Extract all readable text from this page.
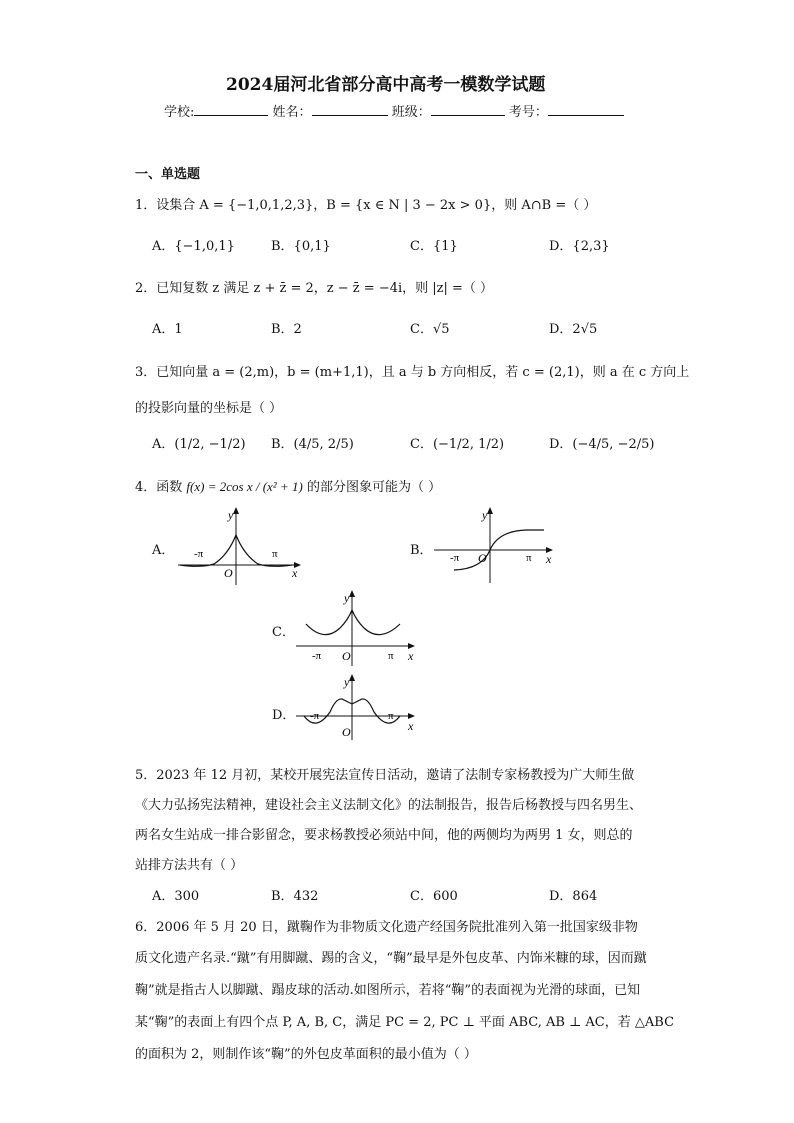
2024届河北省部分高中高考一模数学试题
学校:	姓名：	班级：	考号：
一、单选题
1．设集合 A = {−1,0,1,2,3}，B = {x ∈ N | 3 − 2x > 0}，则 A∩B =（ ）
A．{−1,0,1}	B．{0,1}	C．{1}	D．{2,3}
2．已知复数 z 满足 z + z̄ = 2，z − z̄ = −4i，则 |z| =（ ）
A．1	B．2	C．√5	D．2√5
3．已知向量 a = (2,m)，b = (m+1,1)，且 a 与 b 方向相反，若 c = (2,1)，则 a 在 c 方向上
的投影向量的坐标是（ ）
A．(1/2, −1/2) B．(4/5, 2/5)	C．(−1/2, 1/2)	D．(−4/5, −2/5)
4．函数 f(x) = 2cos x / (x² + 1) 的部分图象可能为（ ）
A．
y
x
O
-π	π	B．
y
x
O
-π	π
C．
y
x
O
-π	π
D．
y
x
O
-π	π
5．2023 年 12 月初，某校开展宪法宣传日活动，邀请了法制专家杨教授为广大师生做
《大力弘扬宪法精神，建设社会主义法制文化》的法制报告，报告后杨教授与四名男生、
两名女生站成一排合影留念，要求杨教授必须站中间，他的两侧均为两男 1 女，则总的
站排方法共有（ ）
A．300	B．432	C．600	D．864
6．2006 年 5 月 20 日，蹴鞠作为非物质文化遗产经国务院批准列入第一批国家级非物
质文化遗产名录.“蹴”有用脚蹴、踢的含义，“鞠”最早是外包皮革、内饰米糠的球，因而蹴
鞠”就是指古人以脚蹴、蹋皮球的活动.如图所示，若将“鞠”的表面视为光滑的球面，已知
某“鞠”的表面上有四个点 P, A, B, C，满足 PC = 2, PC ⊥ 平面 ABC, AB ⊥ AC，若 △ABC
的面积为 2，则制作该“鞠”的外包皮革面积的最小值为（ ）
